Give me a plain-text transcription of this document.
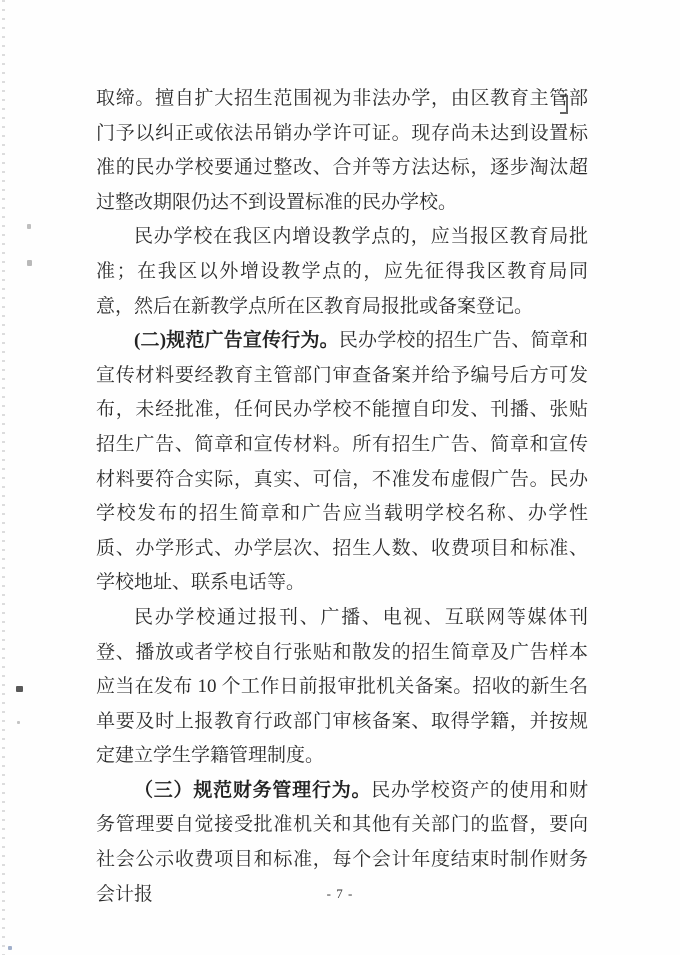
取缔。擅自扩大招生范围视为非法办学，由区教育主管部门予以纠正或依法吊销办学许可证。现存尚未达到设置标准的民办学校要通过整改、合并等方法达标，逐步淘汰超过整改期限仍达不到设置标准的民办学校。

民办学校在我区内增设教学点的，应当报区教育局批准；在我区以外增设教学点的，应先征得我区教育局同意，然后在新教学点所在区教育局报批或备案登记。

(二)规范广告宣传行为。民办学校的招生广告、简章和宣传材料要经教育主管部门审查备案并给予编号后方可发布，未经批准，任何民办学校不能擅自印发、刊播、张贴招生广告、简章和宣传材料。所有招生广告、简章和宣传材料要符合实际，真实、可信，不准发布虚假广告。民办学校发布的招生简章和广告应当载明学校名称、办学性质、办学形式、办学层次、招生人数、收费项目和标准、学校地址、联系电话等。

民办学校通过报刊、广播、电视、互联网等媒体刊登、播放或者学校自行张贴和散发的招生简章及广告样本应当在发布 10 个工作日前报审批机关备案。招收的新生名单要及时上报教育行政部门审核备案、取得学籍，并按规定建立学生学籍管理制度。

（三）规范财务管理行为。民办学校资产的使用和财务管理要自觉接受批准机关和其他有关部门的监督，要向社会公示收费项目和标准，每个会计年度结束时制作财务会计报	- 7 -
